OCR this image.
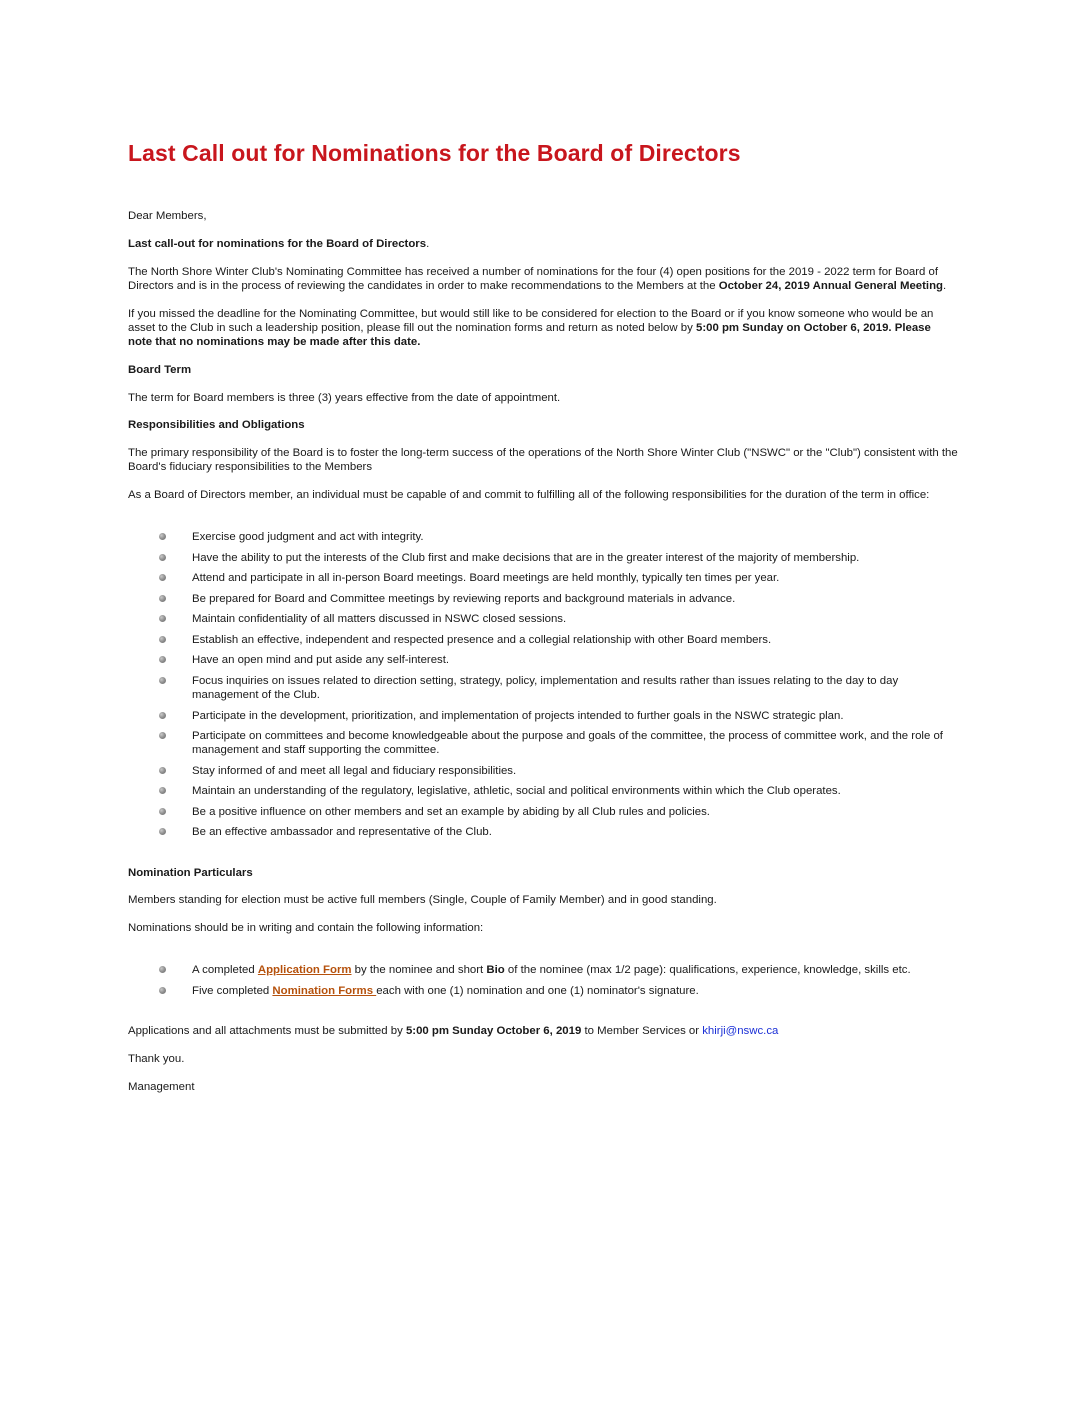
Last Call out for Nominations for the Board of Directors

Dear Members,

Last call-out for nominations for the Board of Directors.

The North Shore Winter Club's Nominating Committee has received a number of nominations for the four (4) open positions for the 2019 - 2022 term for Board of Directors and is in the process of reviewing the candidates in order to make recommendations to the Members at the October 24, 2019 Annual General Meeting.

If you missed the deadline for the Nominating Committee, but would still like to be considered for election to the Board or if you know someone who would be an asset to the Club in such a leadership position, please fill out the nomination forms and return as noted below by 5:00 pm Sunday on October 6, 2019. Please note that no nominations may be made after this date.

Board Term

The term for Board members is three (3) years effective from the date of appointment.

Responsibilities and Obligations

The primary responsibility of the Board is to foster the long-term success of the operations of the North Shore Winter Club ("NSWC" or the "Club") consistent with the Board's fiduciary responsibilities to the Members

As a Board of Directors member, an individual must be capable of and commit to fulfilling all of the following responsibilities for the duration of the term in office:

Exercise good judgment and act with integrity.
Have the ability to put the interests of the Club first and make decisions that are in the greater interest of the majority of membership.
Attend and participate in all in-person Board meetings. Board meetings are held monthly, typically ten times per year.
Be prepared for Board and Committee meetings by reviewing reports and background materials in advance.
Maintain confidentiality of all matters discussed in NSWC closed sessions.
Establish an effective, independent and respected presence and a collegial relationship with other Board members.
Have an open mind and put aside any self-interest.
Focus inquiries on issues related to direction setting, strategy, policy, implementation and results rather than issues relating to the day to day management of the Club.
Participate in the development, prioritization, and implementation of projects intended to further goals in the NSWC strategic plan.
Participate on committees and become knowledgeable about the purpose and goals of the committee, the process of committee work, and the role of management and staff supporting the committee.
Stay informed of and meet all legal and fiduciary responsibilities.
Maintain an understanding of the regulatory, legislative, athletic, social and political environments within which the Club operates.
Be a positive influence on other members and set an example by abiding by all Club rules and policies.
Be an effective ambassador and representative of the Club.

Nomination Particulars

Members standing for election must be active full members (Single, Couple of Family Member) and in good standing.

Nominations should be in writing and contain the following information:

A completed Application Form by the nominee and short Bio of the nominee (max 1/2 page): qualifications, experience, knowledge, skills etc.
Five completed Nomination Forms each with one (1) nomination and one (1) nominator's signature.

Applications and all attachments must be submitted by 5:00 pm Sunday October 6, 2019 to Member Services or khirji@nswc.ca

Thank you.

Management
